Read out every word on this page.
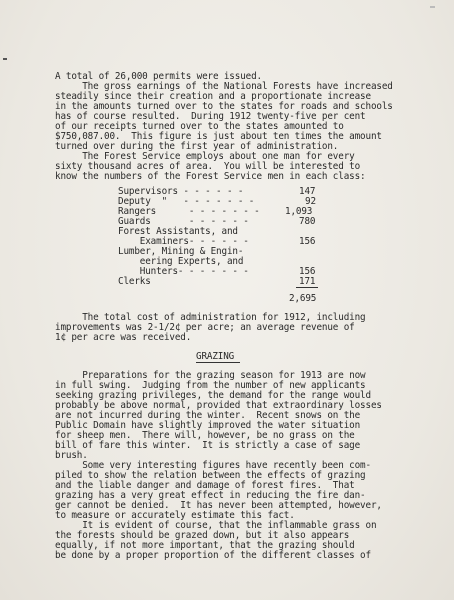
A total of 26,000 permits were issued.
The gross earnings of the National Forests have increased
steadily since their creation and a proportionate increase
in the amounts turned over to the states for roads and schools
has of course resulted.  During 1912 twenty-five per cent
of our receipts turned over to the states amounted to
$750,087.00.  This figure is just about ten times the amount
turned over during the first year of administration.
The Forest Service employs about one man for every
sixty thousand acres of area.  You will be interested to
know the numbers of the Forest Service men in each class:
Supervisors - - - - - -	147
Deputy  "   - - - - - - -	92
Rangers      - - - - - - -	1,093
Guards       - - - - - -	780
Forest Assistants, and
Examiners- - - - - -	156
Lumber, Mining & Engin-
eering Experts, and
Hunters- - - - - - -	156
Clerks	171
2,695
The total cost of administration for 1912, including
improvements was 2-1/2¢ per acre; an average revenue of
1¢ per acre was received.
GRAZING
Preparations for the grazing season for 1913 are now
in full swing.  Judging from the number of new applicants
seeking grazing privileges, the demand for the range would
probably be above normal, provided that extraordinary losses
are not incurred during the winter.  Recent snows on the
Public Domain have slightly improved the water situation
for sheep men.  There will, however, be no grass on the
bill of fare this winter.  It is strictly a case of sage
brush.
Some very interesting figures have recently been com-
piled to show the relation between the effects of grazing
and the liable danger and damage of forest fires.  That
grazing has a very great effect in reducing the fire dan-
ger cannot be denied.  It has never been attempted, however,
to measure or accurately estimate this fact.
It is evident of course, that the inflammable grass on
the forests should be grazed down, but it also appears
equally, if not more important, that the grazing should
be done by a proper proportion of the different classes of
